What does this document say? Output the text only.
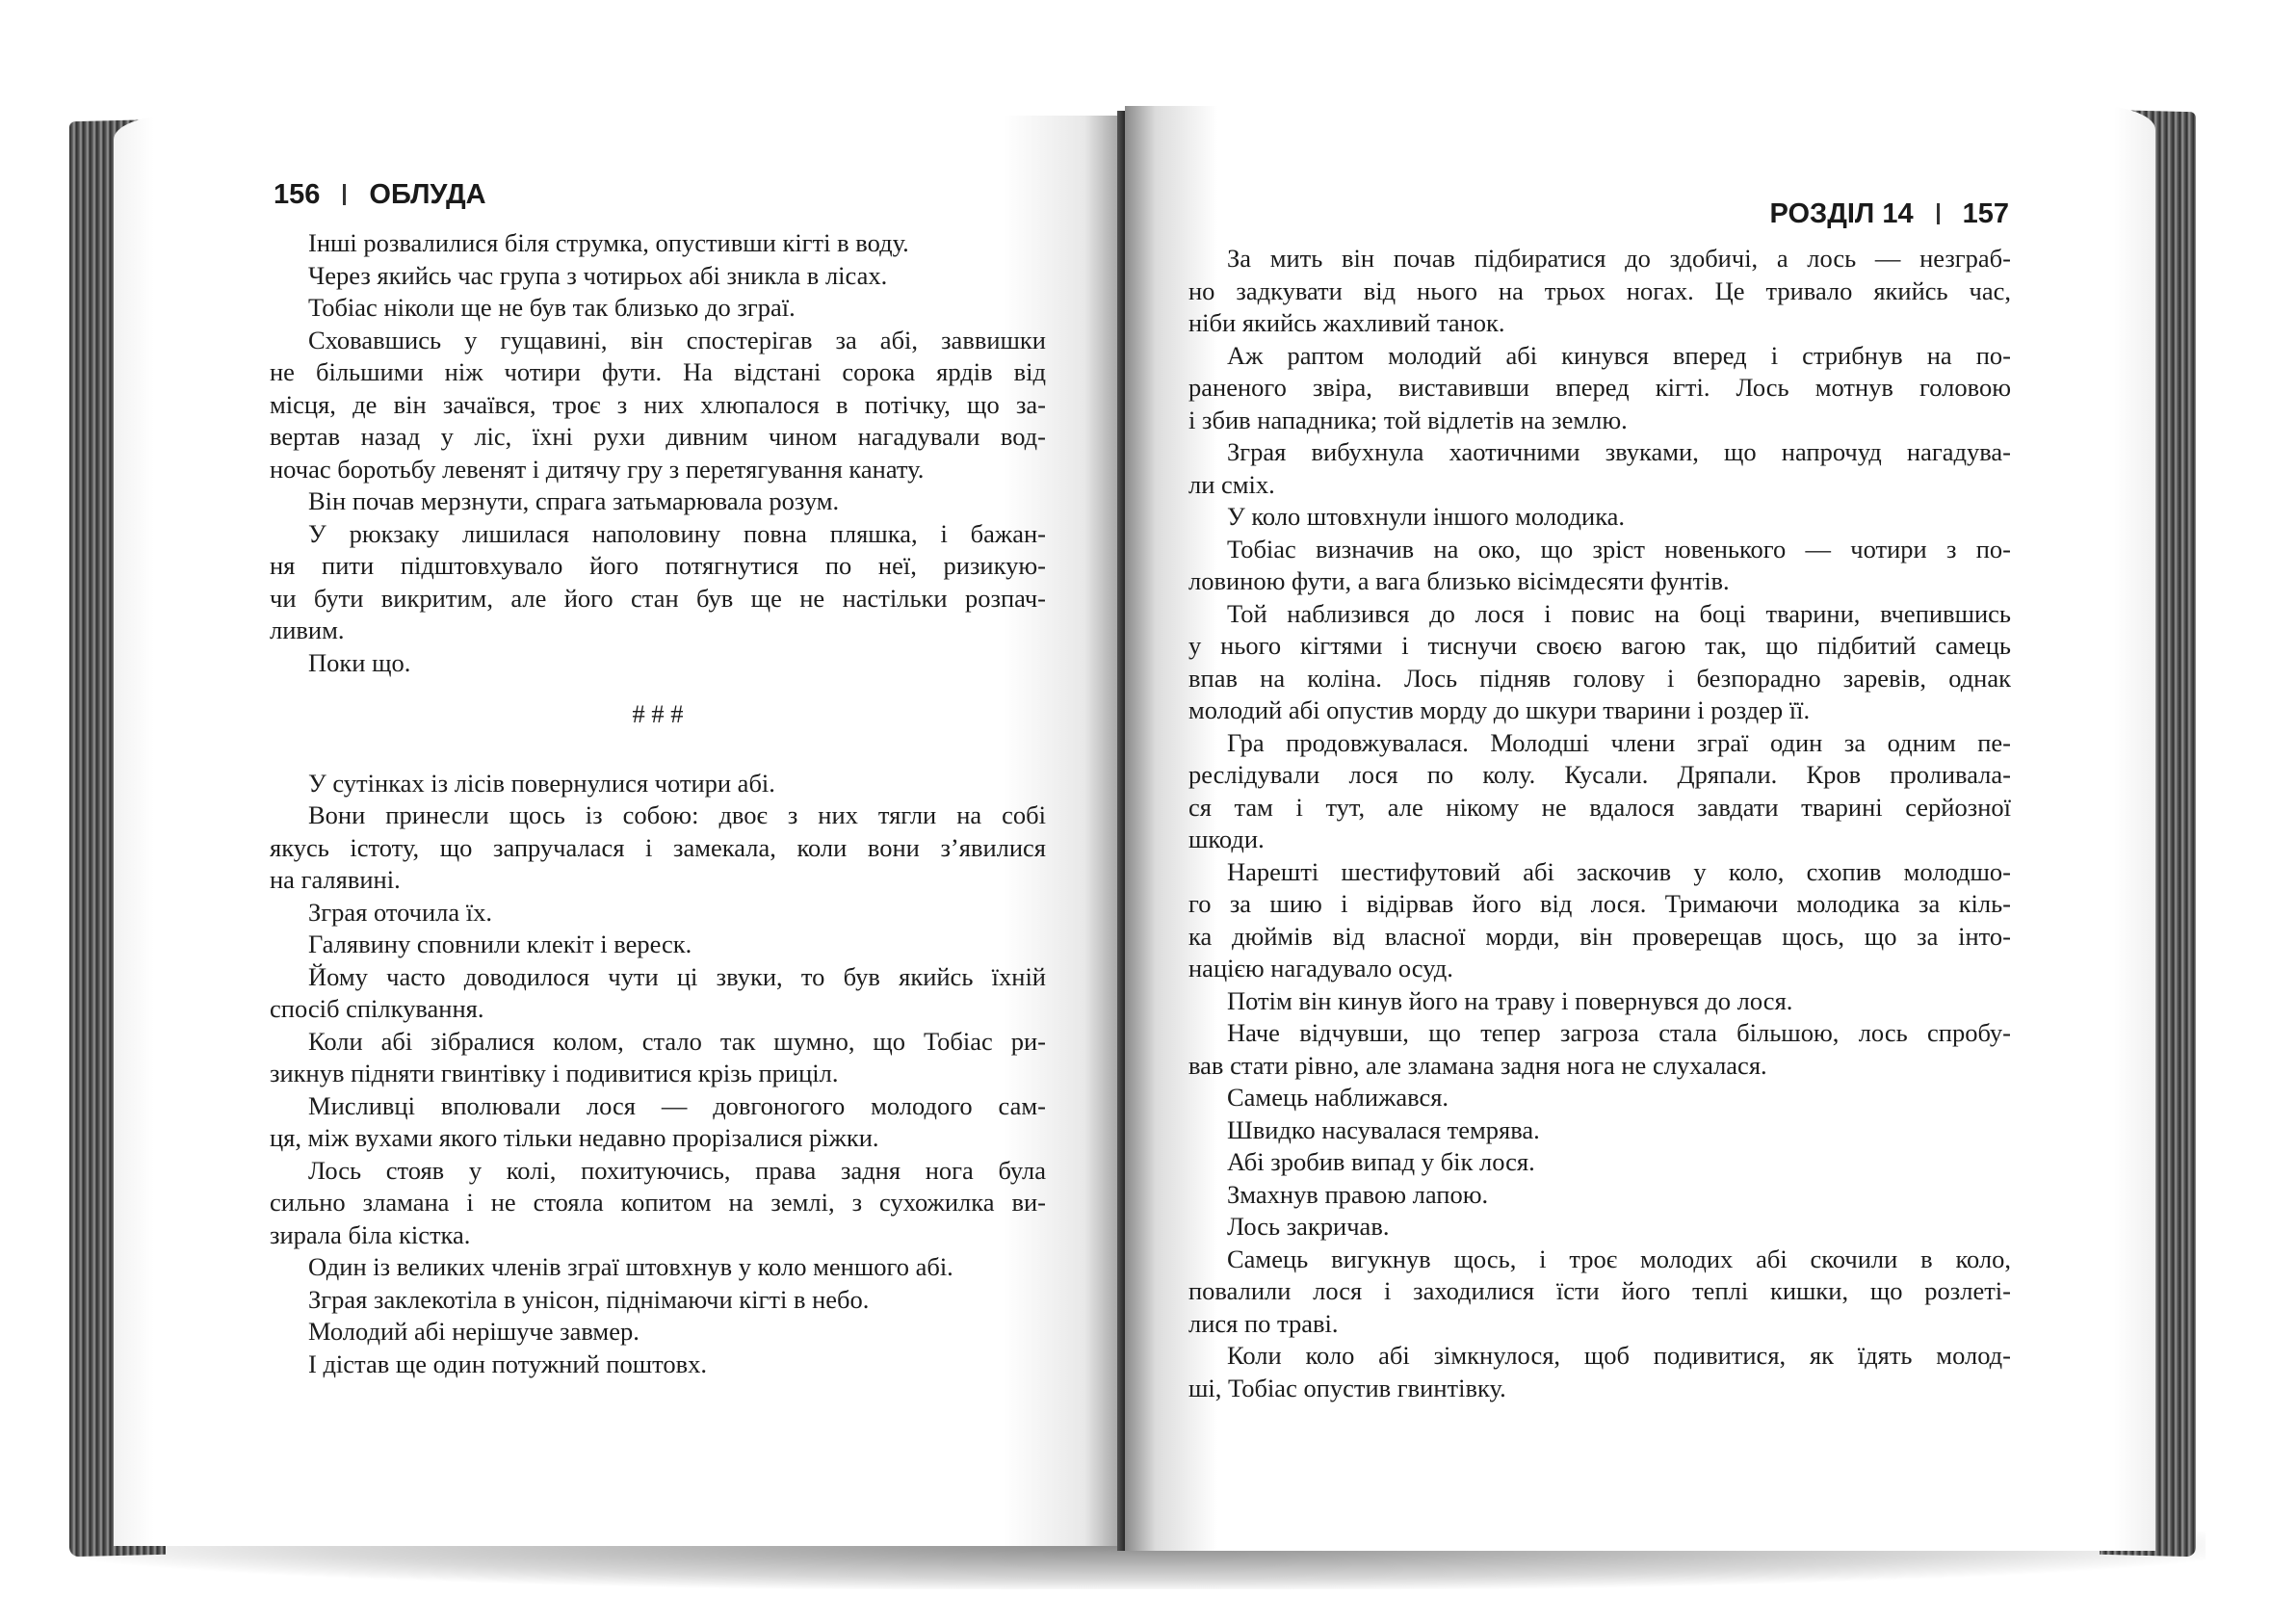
156 ОБЛУДА
Інші розвалилися біля струмка, опустивши кігті в воду.
Через якийсь час група з чотирьох абі зникла в лісах.
Тобіас ніколи ще не був так близько до зграї.
Сховавшись у гущавині, він спостерігав за абі, заввишки
не більшими ніж чотири фути. На відстані сорока ярдів від
місця, де він зачаївся, троє з них хлюпалося в потічку, що за-
вертав назад у ліс, їхні рухи дивним чином нагадували вод-
ночас боротьбу левенят і дитячу гру з перетягування канату.
Він почав мерзнути, спрага затьмарювала розум.
У рюкзаку лишилася наполовину повна пляшка, і бажан-
ня пити підштовхувало його потягнутися по неї, ризикую-
чи бути викритим, але його стан був ще не настільки розпач-
ливим.
Поки що.
# # #
У сутінках із лісів повернулися чотири абі.
Вони принесли щось із собою: двоє з них тягли на собі
якусь істоту, що запручалася і замекала, коли вони з’явилися
на галявині.
Зграя оточила їх.
Галявину сповнили клекіт і вереск.
Йому часто доводилося чути ці звуки, то був якийсь їхній
спосіб спілкування.
Коли абі зібралися колом, стало так шумно, що Тобіас ри-
зикнув підняти гвинтівку і подивитися крізь приціл.
Мисливці вполювали лося — довгоногого молодого сам-
ця, між вухами якого тільки недавно прорізалися ріжки.
Лось стояв у колі, похитуючись, права задня нога була
сильно зламана і не стояла копитом на землі, з сухожилка ви-
зирала біла кістка.
Один із великих членів зграї штовхнув у коло меншого абі.
Зграя заклекотіла в унісон, піднімаючи кігті в небо.
Молодий абі нерішуче завмер.
І дістав ще один потужний поштовх.
РОЗДІЛ 14 157
За мить він почав підбиратися до здобичі, а лось — незграб-
но задкувати від нього на трьох ногах. Це тривало якийсь час,
ніби якийсь жахливий танок.
Аж раптом молодий абі кинувся вперед і стрибнув на по-
раненого звіра, виставивши вперед кігті. Лось мотнув головою
і збив нападника; той відлетів на землю.
Зграя вибухнула хаотичними звуками, що напрочуд нагадува-
ли сміх.
У коло штовхнули іншого молодика.
Тобіас визначив на око, що зріст новенького — чотири з по-
ловиною фути, а вага близько вісімдесяти фунтів.
Той наблизився до лося і повис на боці тварини, вчепившись
у нього кігтями і тиснучи своєю вагою так, що підбитий самець
впав на коліна. Лось підняв голову і безпорадно заревів, однак
молодий абі опустив морду до шкури тварини і роздер її.
Гра продовжувалася. Молодші члени зграї один за одним пе-
реслідували лося по колу. Кусали. Дряпали. Кров проливала-
ся там і тут, але нікому не вдалося завдати тварині серйозної
шкоди.
Нарешті шестифутовий абі заскочив у коло, схопив молодшо-
го за шию і відірвав його від лося. Тримаючи молодика за кіль-
ка дюймів від власної морди, він проверещав щось, що за інто-
нацією нагадувало осуд.
Потім він кинув його на траву і повернувся до лося.
Наче відчувши, що тепер загроза стала більшою, лось спробу-
вав стати рівно, але зламана задня нога не слухалася.
Самець наближався.
Швидко насувалася темрява.
Абі зробив випад у бік лося.
Змахнув правою лапою.
Лось закричав.
Самець вигукнув щось, і троє молодих абі скочили в коло,
повалили лося і заходилися їсти його теплі кишки, що розлеті-
лися по траві.
Коли коло абі зімкнулося, щоб подивитися, як їдять молод-
ші, Тобіас опустив гвинтівку.
